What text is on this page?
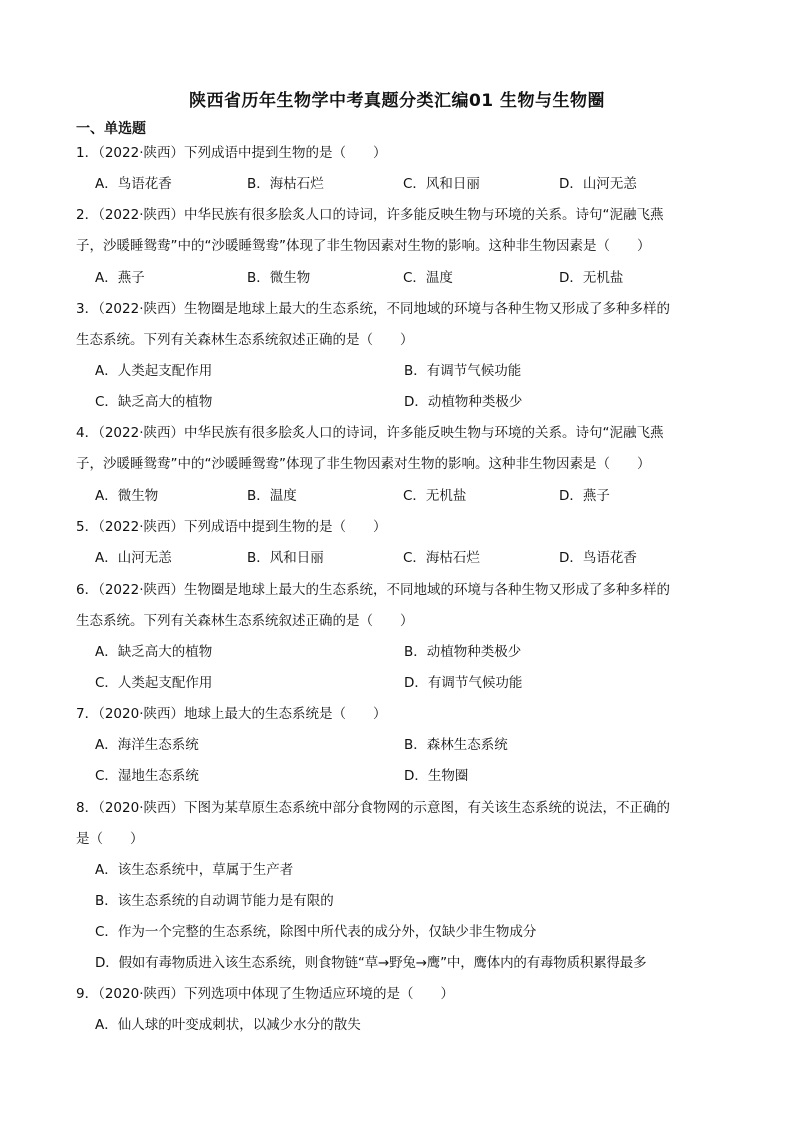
陕西省历年生物学中考真题分类汇编01 生物与生物圈
一、单选题
1．（2022·陕西）下列成语中提到生物的是（　　）
A．鸟语花香	B．海枯石烂	C．风和日丽	D．山河无恙
2．（2022·陕西）中华民族有很多脍炙人口的诗词，许多能反映生物与环境的关系。诗句“泥融飞燕
子，沙暖睡鸳鸯”中的“沙暖睡鸳鸯”体现了非生物因素对生物的影响。这种非生物因素是（　　）
A．燕子	B．微生物	C．温度	D．无机盐
3．（2022·陕西）生物圈是地球上最大的生态系统，不同地域的环境与各种生物又形成了多种多样的
生态系统。下列有关森林生态系统叙述正确的是（　　）
A．人类起支配作用	B．有调节气候功能
C．缺乏高大的植物	D．动植物种类极少
4．（2022·陕西）中华民族有很多脍炙人口的诗词，许多能反映生物与环境的关系。诗句“泥融飞燕
子，沙暖睡鸳鸯”中的“沙暖睡鸳鸯”体现了非生物因素对生物的影响。这种非生物因素是（　　）
A．微生物	B．温度	C．无机盐	D．燕子
5．（2022·陕西）下列成语中提到生物的是（　　）
A．山河无恙	B．风和日丽	C．海枯石烂	D．鸟语花香
6．（2022·陕西）生物圈是地球上最大的生态系统，不同地域的环境与各种生物又形成了多种多样的
生态系统。下列有关森林生态系统叙述正确的是（　　）
A．缺乏高大的植物	B．动植物种类极少
C．人类起支配作用	D．有调节气候功能
7．（2020·陕西）地球上最大的生态系统是（　　）
A．海洋生态系统	B．森林生态系统
C．湿地生态系统	D．生物圈
8．（2020·陕西）下图为某草原生态系统中部分食物网的示意图，有关该生态系统的说法，不正确的
是（　　）
A．该生态系统中，草属于生产者
B．该生态系统的自动调节能力是有限的
C．作为一个完整的生态系统，除图中所代表的成分外，仅缺少非生物成分
D．假如有毒物质进入该生态系统，则食物链“草→野兔→鹰”中，鹰体内的有毒物质积累得最多
9．（2020·陕西）下列选项中体现了生物适应环境的是（　　）
A．仙人球的叶变成刺状，以减少水分的散失
